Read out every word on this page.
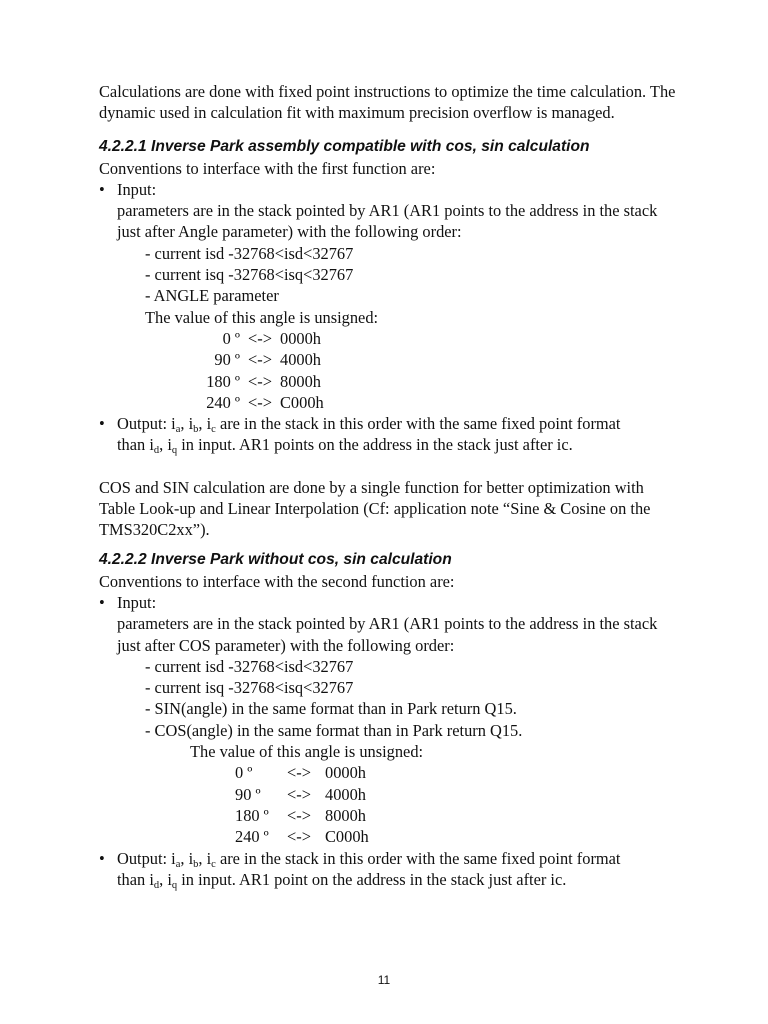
Calculations are done with fixed point instructions to optimize the time calculation. The dynamic used in calculation fit with maximum precision overflow is managed.

4.2.2.1 Inverse Park assembly compatible with cos, sin calculation

Conventions to interface with the first function are:

• Input:

parameters are in the stack pointed by AR1 (AR1 points to the address in the stack just after Angle parameter) with the following order:

- current isd -32768<isd<32767

- current isq -32768<isq<32767

- ANGLE parameter

The value of this angle is unsigned:

0 º	<->	0000h
90 º	<->	4000h
180 º	<->	8000h
240 º	<->	C000h
• Output: $i_a$, $i_b$, $i_c$ are in the stack in this order with the same fixed point format
than $i_d$, $i_q$ in input. AR1 points on the address in the stack just after ic.

COS and SIN calculation are done by a single function for better optimization with Table Look-up and Linear Interpolation (Cf: application note “Sine & Cosine on the TMS320C2xx”).

4.2.2.2 Inverse Park without cos, sin calculation

Conventions to interface with the second function are:

• Input:

parameters are in the stack pointed by AR1 (AR1 points to the address in the stack just after COS parameter) with the following order:

- current isd -32768<isd<32767

- current isq -32768<isq<32767

- SIN(angle) in the same format than in Park return Q15.

- COS(angle) in the same format than in Park return Q15.

The value of this angle is unsigned:

0 º	<->	0000h
90 º	<->	4000h
180 º	<->	8000h
240 º	<->	C000h
• Output: $i_a$, $i_b$, $i_c$ are in the stack in this order with the same fixed point format
than $i_d$, $i_q$ in input. AR1 point on the address in the stack just after ic.
11
